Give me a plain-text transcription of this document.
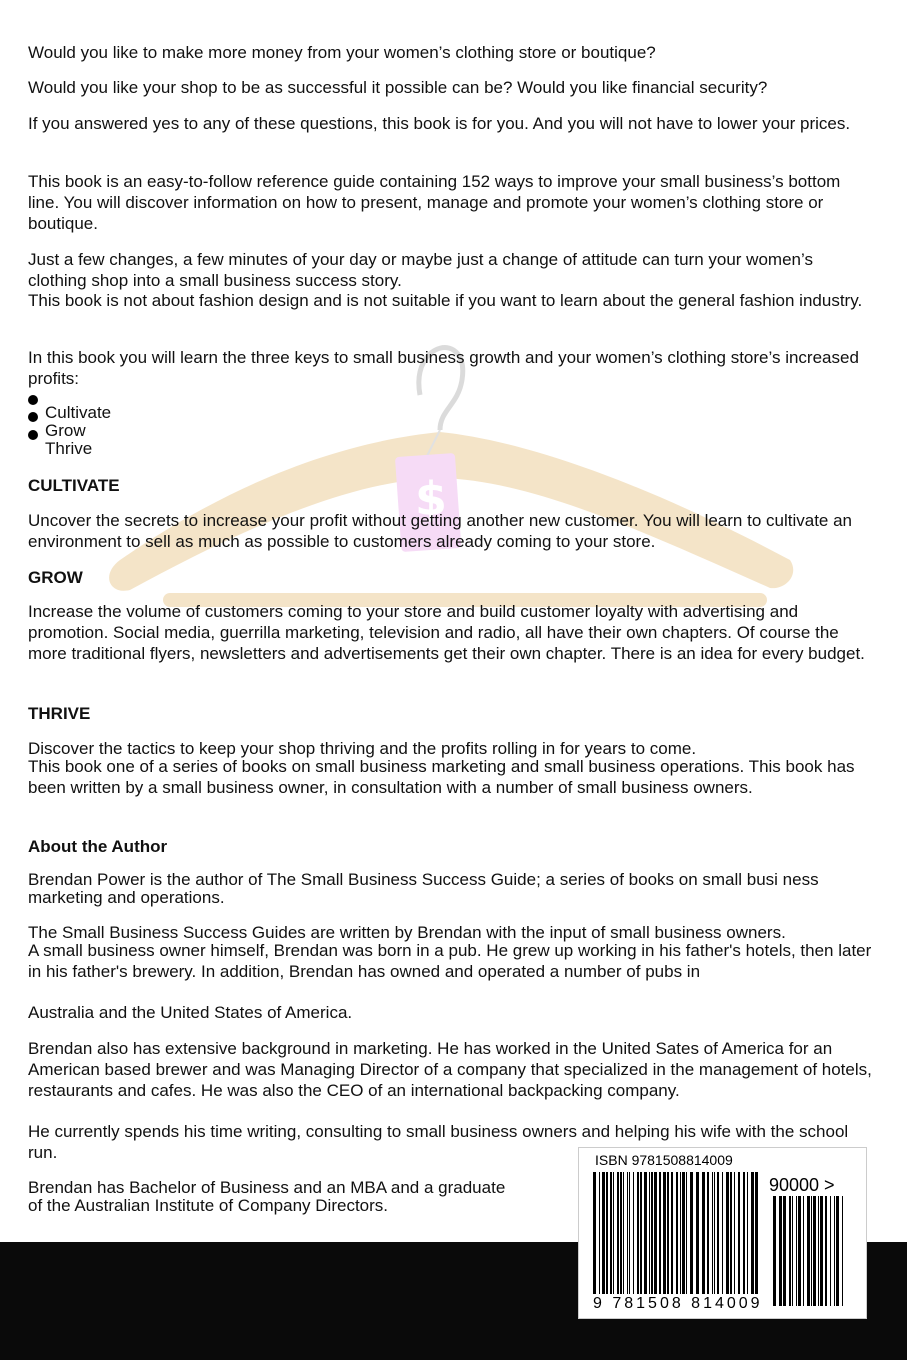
$

Would you like to make more money from your women’s clothing store or boutique?

Would you like your shop to be as successful it possible can be? Would you like financial security?

If you answered yes to any of these questions, this book is for you. And you will not have to lower your prices.

This book is an easy-to-follow reference guide containing 152 ways to improve your small business’s bottom line. You will discover information on how to present, manage and promote your women’s clothing store or boutique.

Just a few changes, a few minutes of your day or maybe just a change of attitude can turn your women’s clothing shop into a small business success story.

This book is not about fashion design and is not suitable if you want to learn about the general fashion industry.

In this book you will learn the three keys to small business growth and your women’s clothing store’s increased profits:

Cultivate
Grow
Thrive

CULTIVATE

Uncover the secrets to increase your profit without getting another new customer. You will learn to cultivate an environment to sell as much as possible to customers already coming to your store.

GROW

Increase the volume of customers coming to your store and build customer loyalty with advertising and promotion. Social media, guerrilla marketing, television and radio, all have their own chapters. Of course the more traditional flyers, newsletters and advertisements get their own chapter. There is an idea for every budget.

THRIVE

Discover the tactics to keep your shop thriving and the profits rolling in for years to come.

This book one of a series of books on small business marketing and small business operations. This book has been written by a small business owner, in consultation with a number of small business owners.

About the Author

Brendan Power is the author of The Small Business Success Guide; a series of books on small busi ness marketing and operations.

The Small Business Success Guides are written by Brendan with the input of small business owners.

A small business owner himself, Brendan was born in a pub. He grew up working in his father's hotels, then later in his father's brewery. In addition, Brendan has owned and operated a number of pubs in

Australia and the United States of America.

Brendan also has extensive background in marketing. He has worked in the United Sates of America for an American based brewer and was Managing Director of a company that specialized in the management of hotels, restaurants and cafes. He was also the CEO of an international backpacking company.

He currently spends his time writing, consulting to small business owners and helping his wife with the school run.

Brendan has Bachelor of Business and an MBA and a graduate

of the Australian Institute of Company Directors.

ISBN 9781508814009
90000 >
9 781508 814009
